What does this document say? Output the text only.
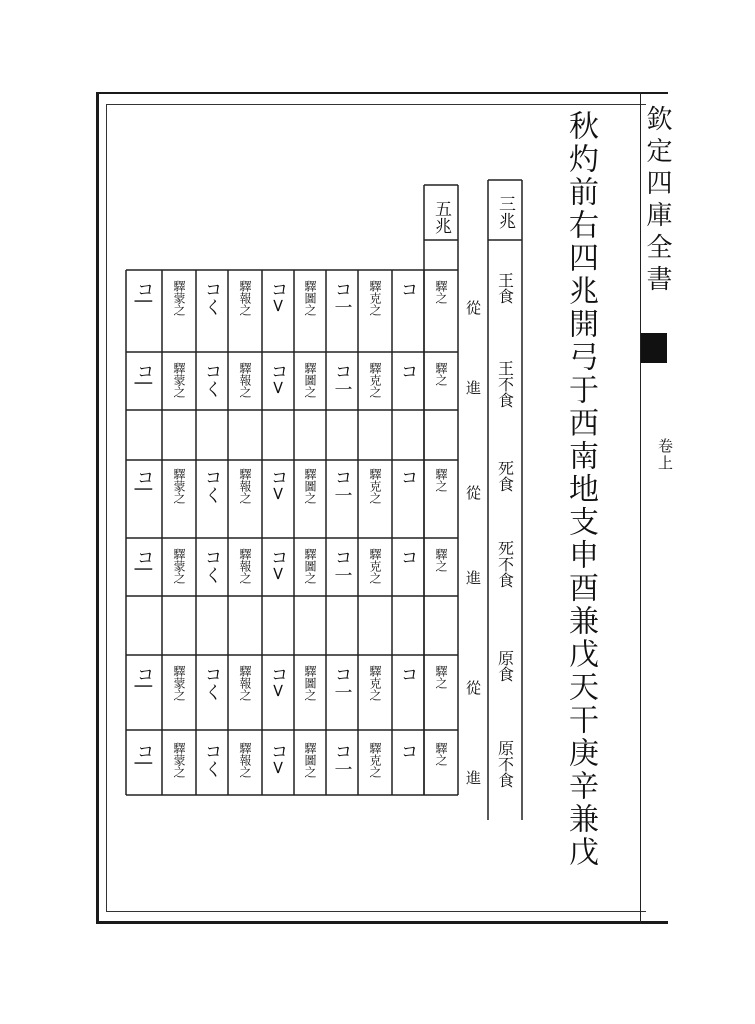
欽定四庫全書
卷上
秋灼前右四兆開弓于西南地支申酉兼戊天干庚辛兼戊
五兆	三兆
王食
王不食
死食
死不食
原食
原不食
從
進
從
進
從
進
コ|
コ|
コ|
コ|
コ|
コ|
驛蒙之
驛蒙之
驛蒙之
驛蒙之
驛蒙之
驛蒙之
コく
コく
コく
コく
コく
コく
驛報之
驛報之
驛報之
驛報之
驛報之
驛報之
コ>
コ>
コ>
コ>
コ>
コ>
驛圖之
驛圖之
驛圖之
驛圖之
驛圖之
驛圖之
コ一
コ一
コ一
コ一
コ一
コ一
驛克之
驛克之
驛克之
驛克之
驛克之
驛克之
コ
コ
コ
コ
コ
コ
驛之
驛之
驛之
驛之
驛之
驛之
